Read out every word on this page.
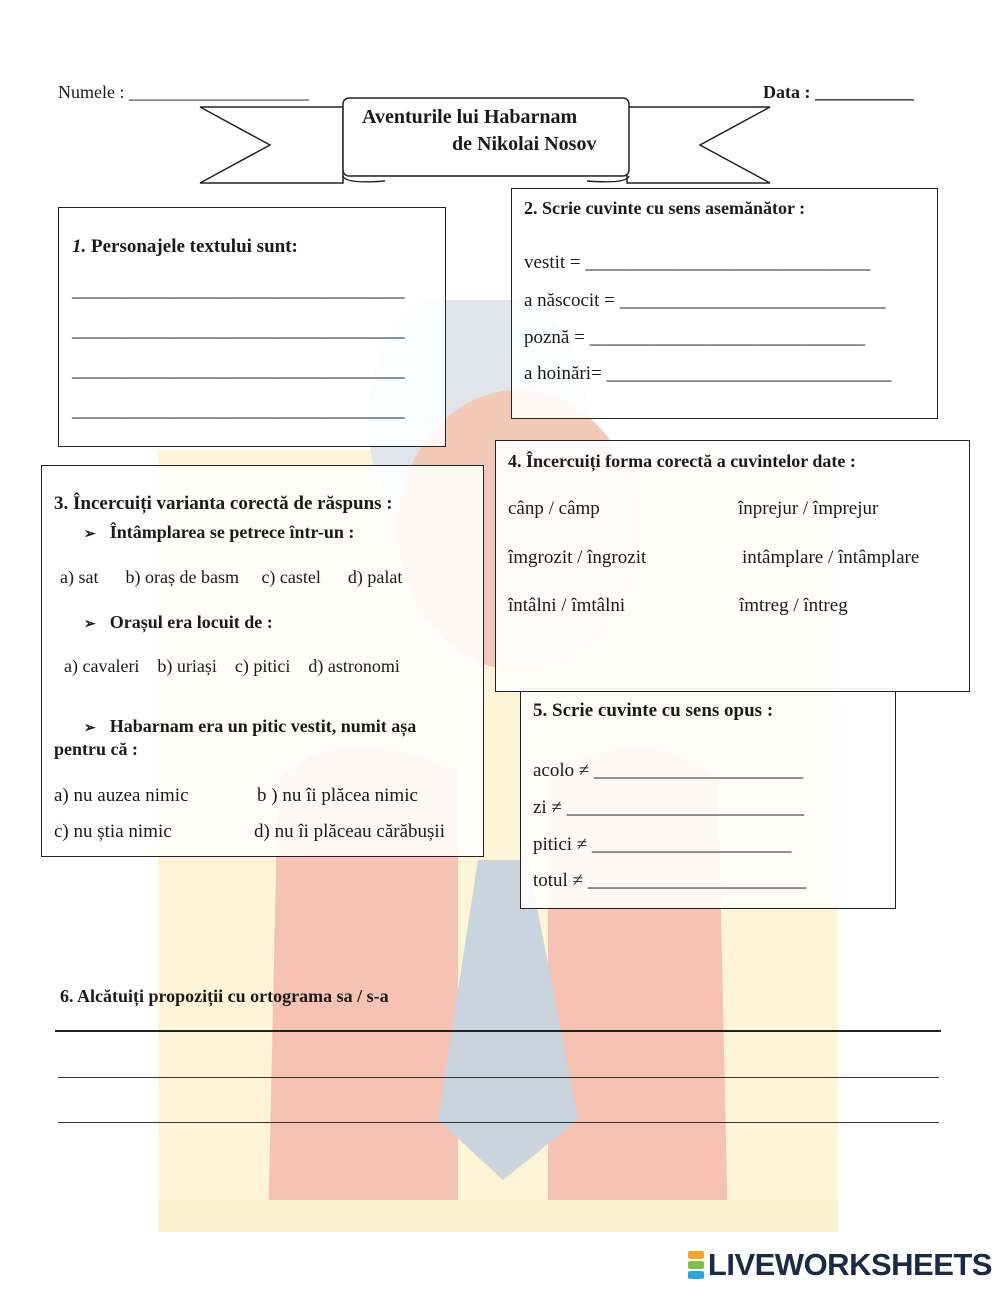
Numele : ____________________	Data : ___________
Aventurile lui Habarnam
de Nikolai Nosov
1. Personajele textului sunt:
___________________________________
___________________________________
___________________________________
___________________________________
2. Scrie cuvinte cu sens asemănător :
vestit = ______________________________
a născocit = ____________________________
poznă = _____________________________
a hoinări= ______________________________
3. Încercuiți varianta corectă de răspuns :
➢ Întâmplarea se petrece într-un :
a) sat      b) oraș de basm     c) castel      d) palat
➢ Orașul era locuit de :
a) cavaleri    b) uriași    c) pitici    d) astronomi
➢ Habarnam era un pitic vestit, numit așa
pentru că :
a) nu auzea nimic	b ) nu îi plăcea nimic
c) nu știa nimic	d) nu îi plăceau cărăbușii
5. Scrie cuvinte cu sens opus :
acolo ≠ ______________________
zi ≠ _________________________
pitici ≠ _____________________
totul ≠ _______________________
4. Încercuiți forma corectă a cuvintelor date :
cânp / câmp	înprejur / împrejur
îmgrozit / îngrozit	intâmplare / întâmplare
întâlni / îmtâlni	îmtreg / întreg
6. Alcătuiți propoziții cu ortograma sa / s-a
LIVEWORKSHEETS
